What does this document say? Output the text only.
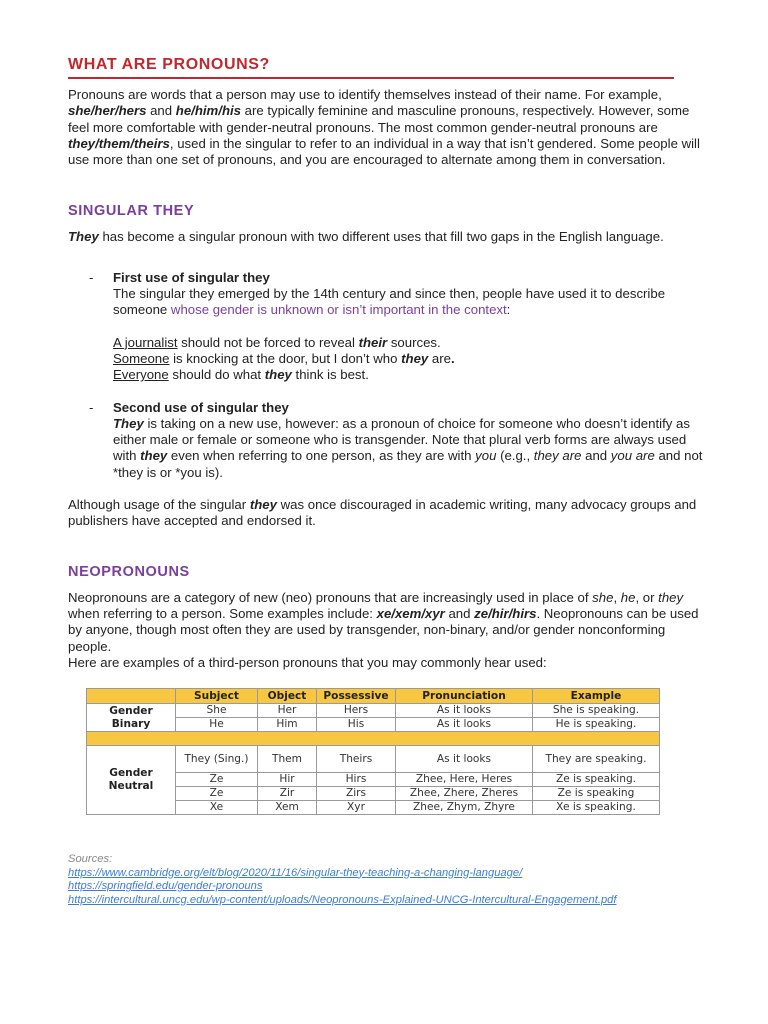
WHAT ARE PRONOUNS?

Pronouns are words that a person may use to identify themselves instead of their name. For example, she/her/hers and he/him/his are typically feminine and masculine pronouns, respectively. However, some feel more comfortable with gender-neutral pronouns. The most common gender-neutral pronouns are they/them/theirs, used in the singular to refer to an individual in a way that isn’t gendered. Some people will use more than one set of pronouns, and you are encouraged to alternate among them in conversation.

SINGULAR THEY

They has become a singular pronoun with two different uses that fill two gaps in the English language.

- First use of singular they
The singular they emerged by the 14th century and since then, people have used it to describe someone whose gender is unknown or isn’t important in the context:
A journalist should not be forced to reveal their sources.
Someone is knocking at the door, but I don’t who they are.
Everyone should do what they think is best.
- Second use of singular they
They is taking on a new use, however: as a pronoun of choice for someone who doesn’t identify as either male or female or someone who is transgender. Note that plural verb forms are always used with they even when referring to one person, as they are with you (e.g., they are and you are and not *they is or *you is).

Although usage of the singular they was once discouraged in academic writing, many advocacy groups and publishers have accepted and endorsed it.

NEOPRONOUNS

Neopronouns are a category of new (neo) pronouns that are increasingly used in place of she, he, or they when referring to a person. Some examples include: xe/xem/xyr and ze/hir/hirs. Neopronouns can be used by anyone, though most often they are used by transgender, non-binary, and/or gender nonconforming people.
Here are examples of a third-person pronouns that you may commonly hear used:

	Subject	Object	Possessive	Pronunciation	Example
Gender Binary	She	Her	Hers	As it looks	She is speaking.
	He	Him	His	As it looks	He is speaking.

Gender Neutral	They (Sing.)	Them	Theirs	As it looks	They are speaking.
	Ze	Hir	Hirs	Zhee, Here, Heres	Ze is speaking.
	Ze	Zir	Zirs	Zhee, Zhere, Zheres	Ze is speaking
	Xe	Xem	Xyr	Zhee, Zhym, Zhyre	Xe is speaking.
Sources:
https://www.cambridge.org/elt/blog/2020/11/16/singular-they-teaching-a-changing-language/
https://springfield.edu/gender-pronouns
https://intercultural.uncg.edu/wp-content/uploads/Neopronouns-Explained-UNCG-Intercultural-Engagement.pdf
